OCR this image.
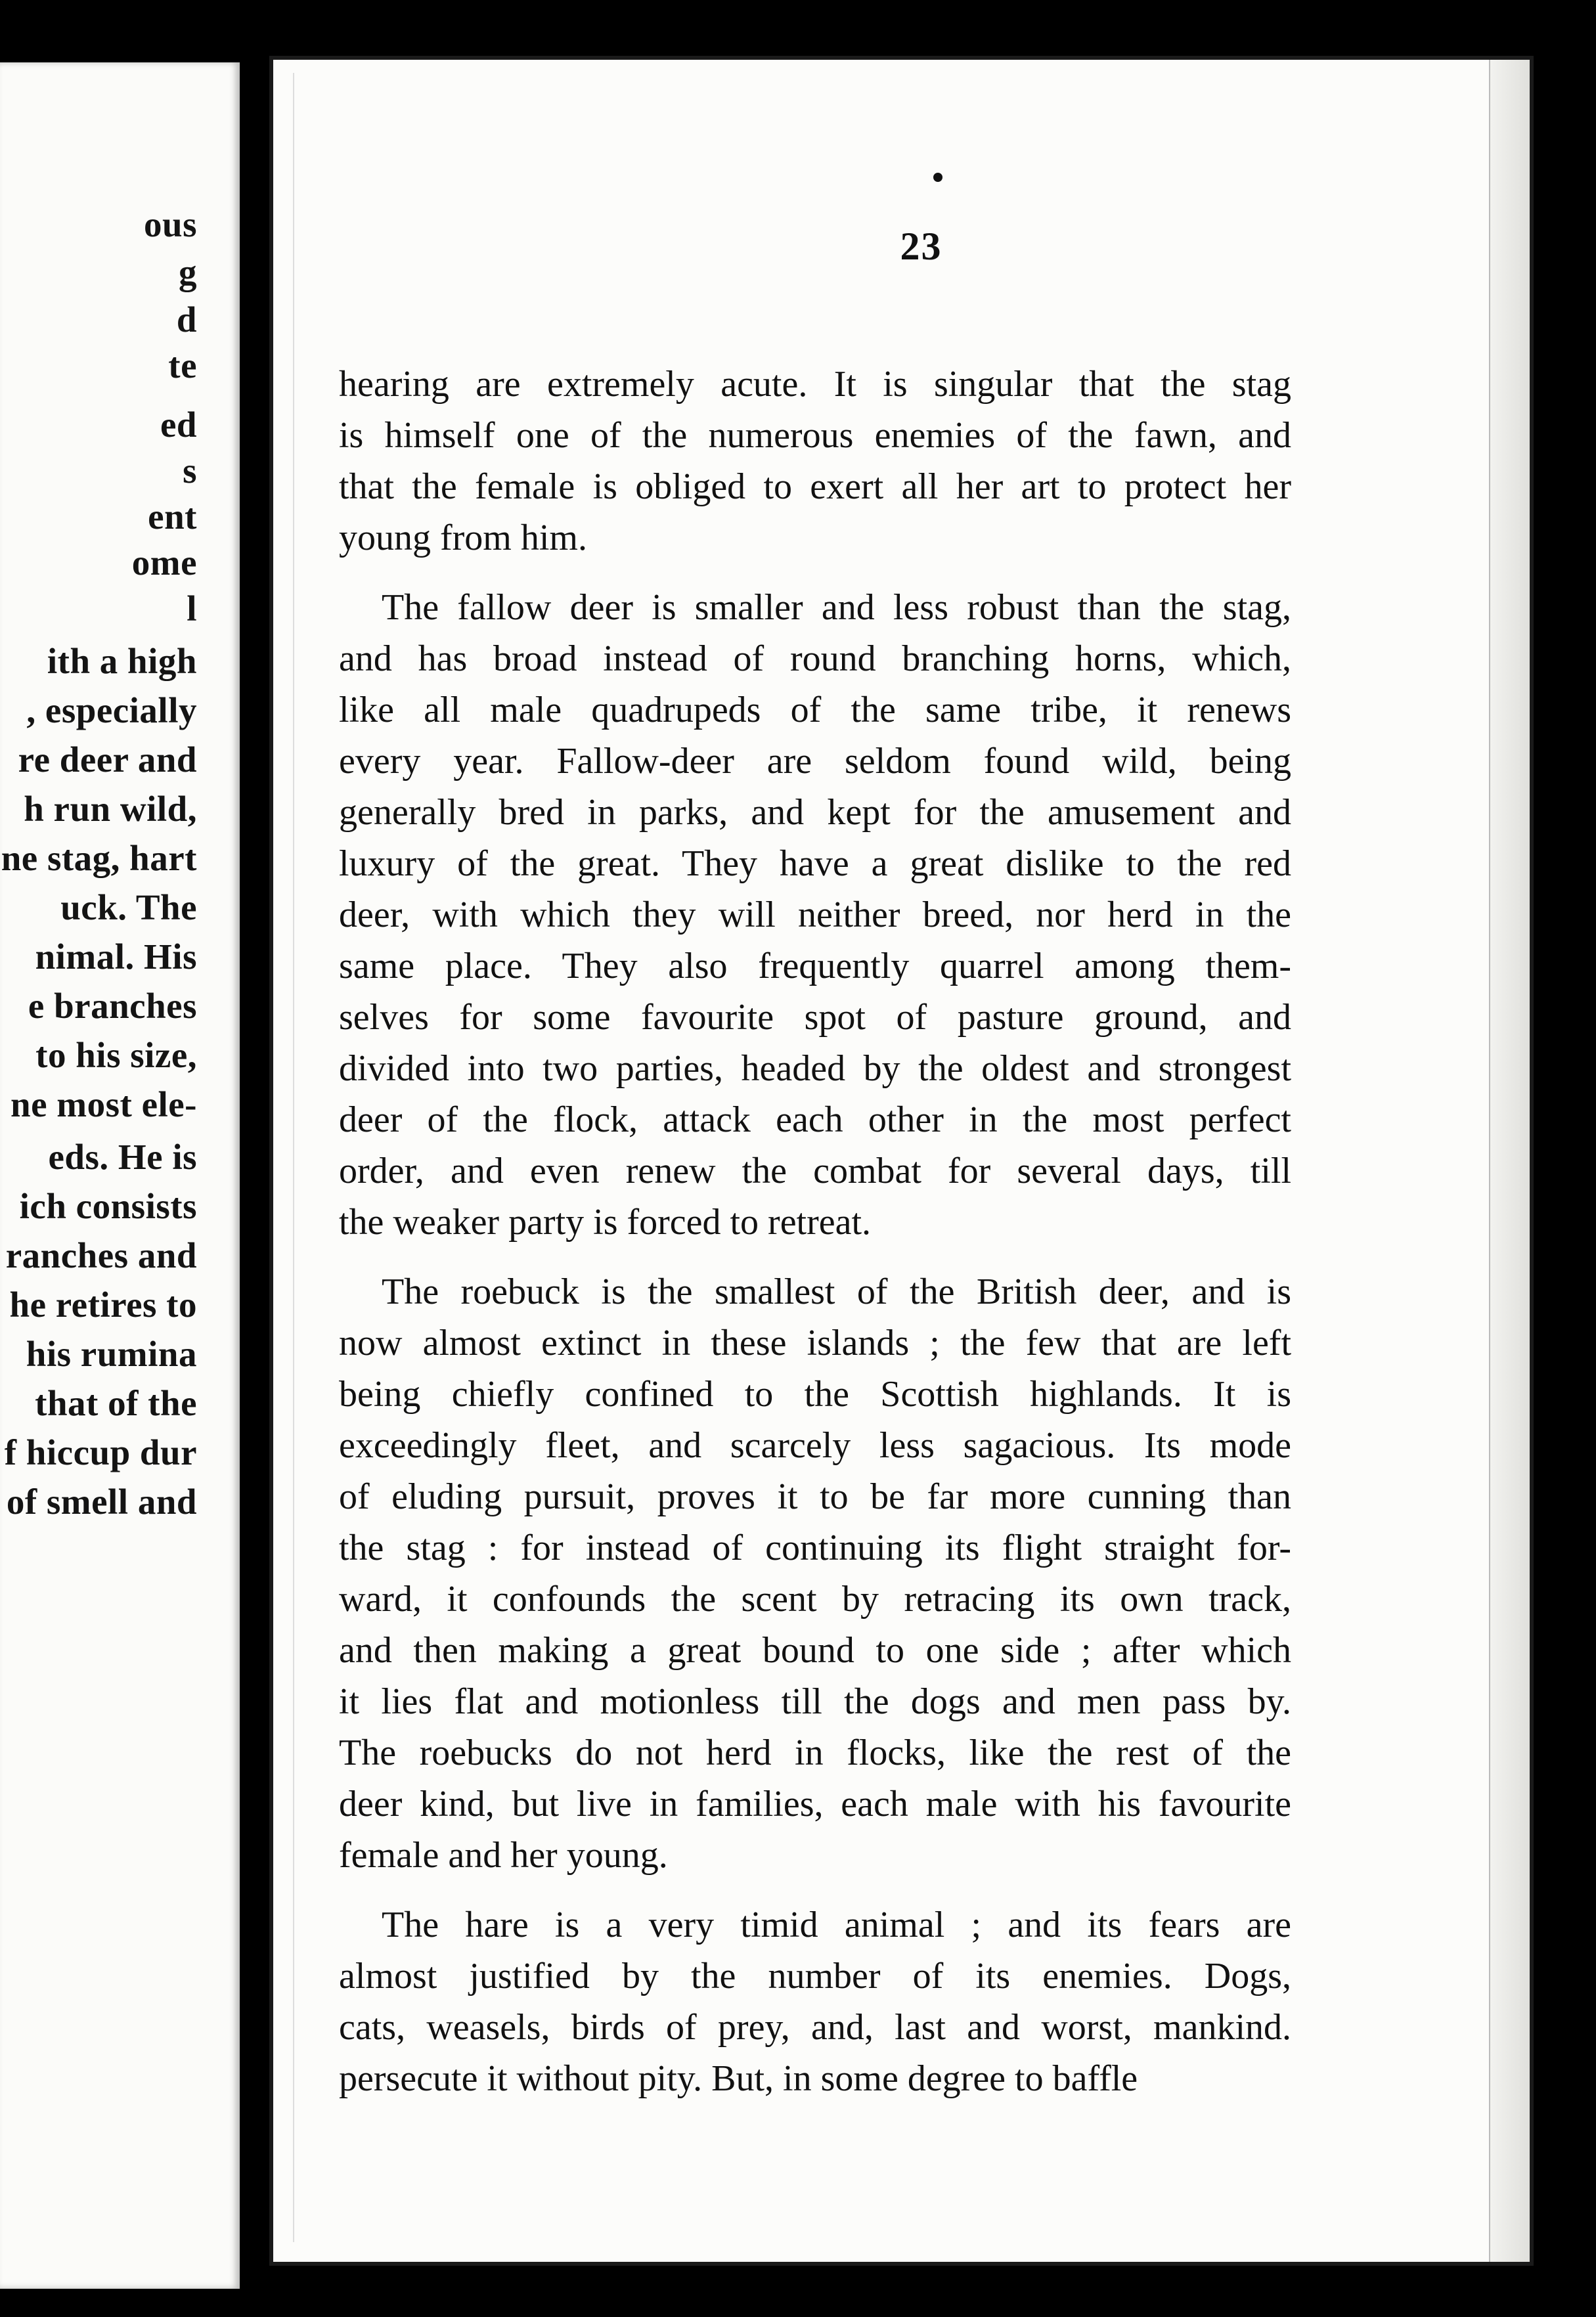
ous
g
d
te
ed
s
ent
ome
l
ith a high
, especially
re deer and
h run wild,
ne stag, hart
uck. The
nimal. His
e branches
to his size,
ne most ele-
eds. He is
ich consists
ranches and
he retires to
his rumina
that of the
f hiccup dur
of smell and
23
hearing are extremely acute. It is singular that the stag
is himself one of the numerous enemies of the fawn, and
that the female is obliged to exert all her art to protect her
young from him.
The fallow deer is smaller and less robust than the stag,
and has broad instead of round branching horns, which,
like all male quadrupeds of the same tribe, it renews
every year. Fallow-deer are seldom found wild, being
generally bred in parks, and kept for the amusement and
luxury of the great. They have a great dislike to the red
deer, with which they will neither breed, nor herd in the
same place. They also frequently quarrel among them-
selves for some favourite spot of pasture ground, and
divided into two parties, headed by the oldest and strongest
deer of the flock, attack each other in the most perfect
order, and even renew the combat for several days, till
the weaker party is forced to retreat.
The roebuck is the smallest of the British deer, and is
now almost extinct in these islands ; the few that are left
being chiefly confined to the Scottish highlands. It is
exceedingly fleet, and scarcely less sagacious. Its mode
of eluding pursuit, proves it to be far more cunning than
the stag : for instead of continuing its flight straight for-
ward, it confounds the scent by retracing its own track,
and then making a great bound to one side ; after which
it lies flat and motionless till the dogs and men pass by.
The roebucks do not herd in flocks, like the rest of the
deer kind, but live in families, each male with his favourite
female and her young.
The hare is a very timid animal ; and its fears are
almost justified by the number of its enemies. Dogs,
cats, weasels, birds of prey, and, last and worst, mankind.
persecute it without pity. But, in some degree to baffle
